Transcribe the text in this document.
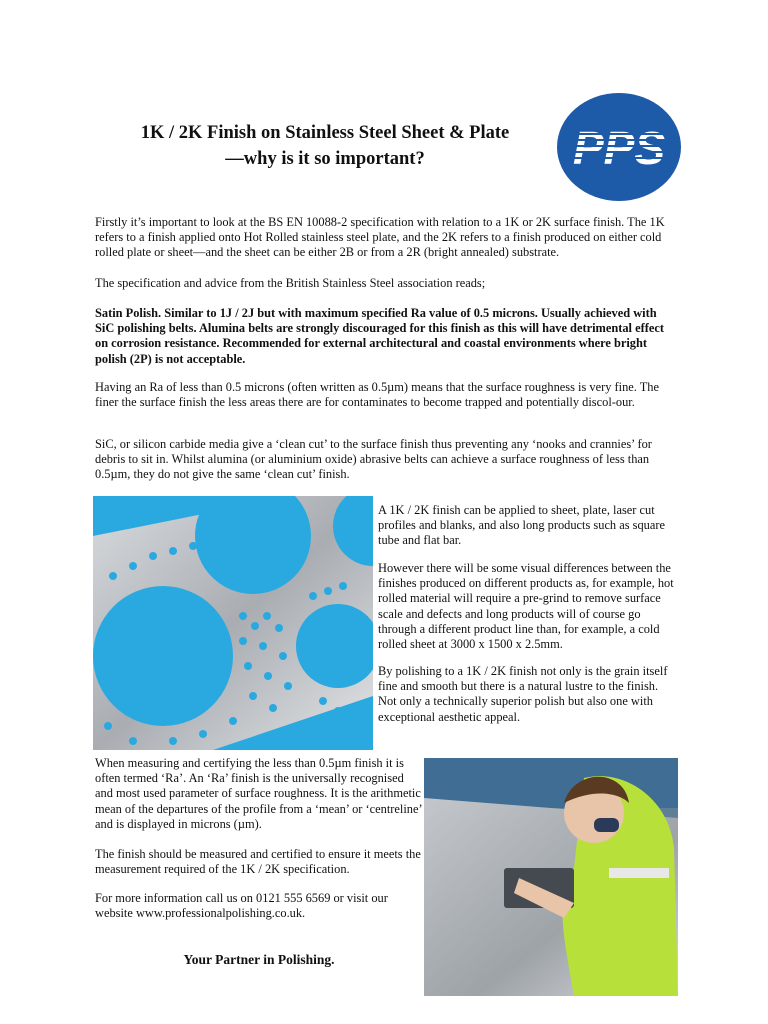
1K / 2K Finish on Stainless Steel Sheet & Plate
—why is it so important?	PPS

Firstly it’s important to look at the BS EN 10088-2 specification with relation to a 1K or 2K surface finish. The 1K refers to a finish applied onto Hot Rolled stainless steel plate, and the 2K refers to a finish produced on either cold rolled plate or sheet—and the sheet can be either 2B or from a 2R (bright annealed) substrate.

The specification and advice from the British Stainless Steel association reads;

Satin Polish. Similar to 1J / 2J but with maximum specified Ra value of 0.5 microns. Usually achieved with SiC polishing belts. Alumina belts are strongly discouraged for this finish as this will have detrimental effect on corrosion resistance. Recommended for external architectural and coastal environments where bright polish (2P) is not acceptable.

Having an Ra of less than 0.5 microns (often written as 0.5µm) means that the surface roughness is very fine. The finer the surface finish the less areas there are for contaminates to become trapped and potentially discol-our.

SiC, or silicon carbide media give a ‘clean cut’ to the surface finish thus preventing any ‘nooks and crannies’ for debris to sit in. Whilst alumina (or aluminium oxide) abrasive belts can achieve a surface roughness of less than 0.5µm, they do not give the same ‘clean cut’ finish.

A 1K / 2K finish can be applied to sheet, plate, laser cut profiles and blanks, and also long products such as square tube and flat bar.

However there will be some visual differences between the finishes produced on different products as, for example, hot rolled material will require a pre-grind to remove surface scale and defects and long products will of course go through a different product line than, for example, a cold rolled sheet at 3000 x 1500 x 2.5mm.

By polishing to a 1K / 2K finish not only is the grain itself fine and smooth but there is a natural lustre to the finish. Not only a technically superior polish but also one with exceptional aesthetic appeal.

When measuring and certifying the less than 0.5µm finish it is often termed ‘Ra’. An ‘Ra’ finish is the universally recognised and most used parameter of surface roughness. It is the arithmetic mean of the departures of the profile from a ‘mean’ or ‘centreline’ and is displayed in microns (µm).

The finish should be measured and certified to ensure it meets the measurement required of the 1K / 2K specification.

For more information call us on 0121 555 6569 or visit our website www.professionalpolishing.co.uk.

Your Partner in Polishing.
